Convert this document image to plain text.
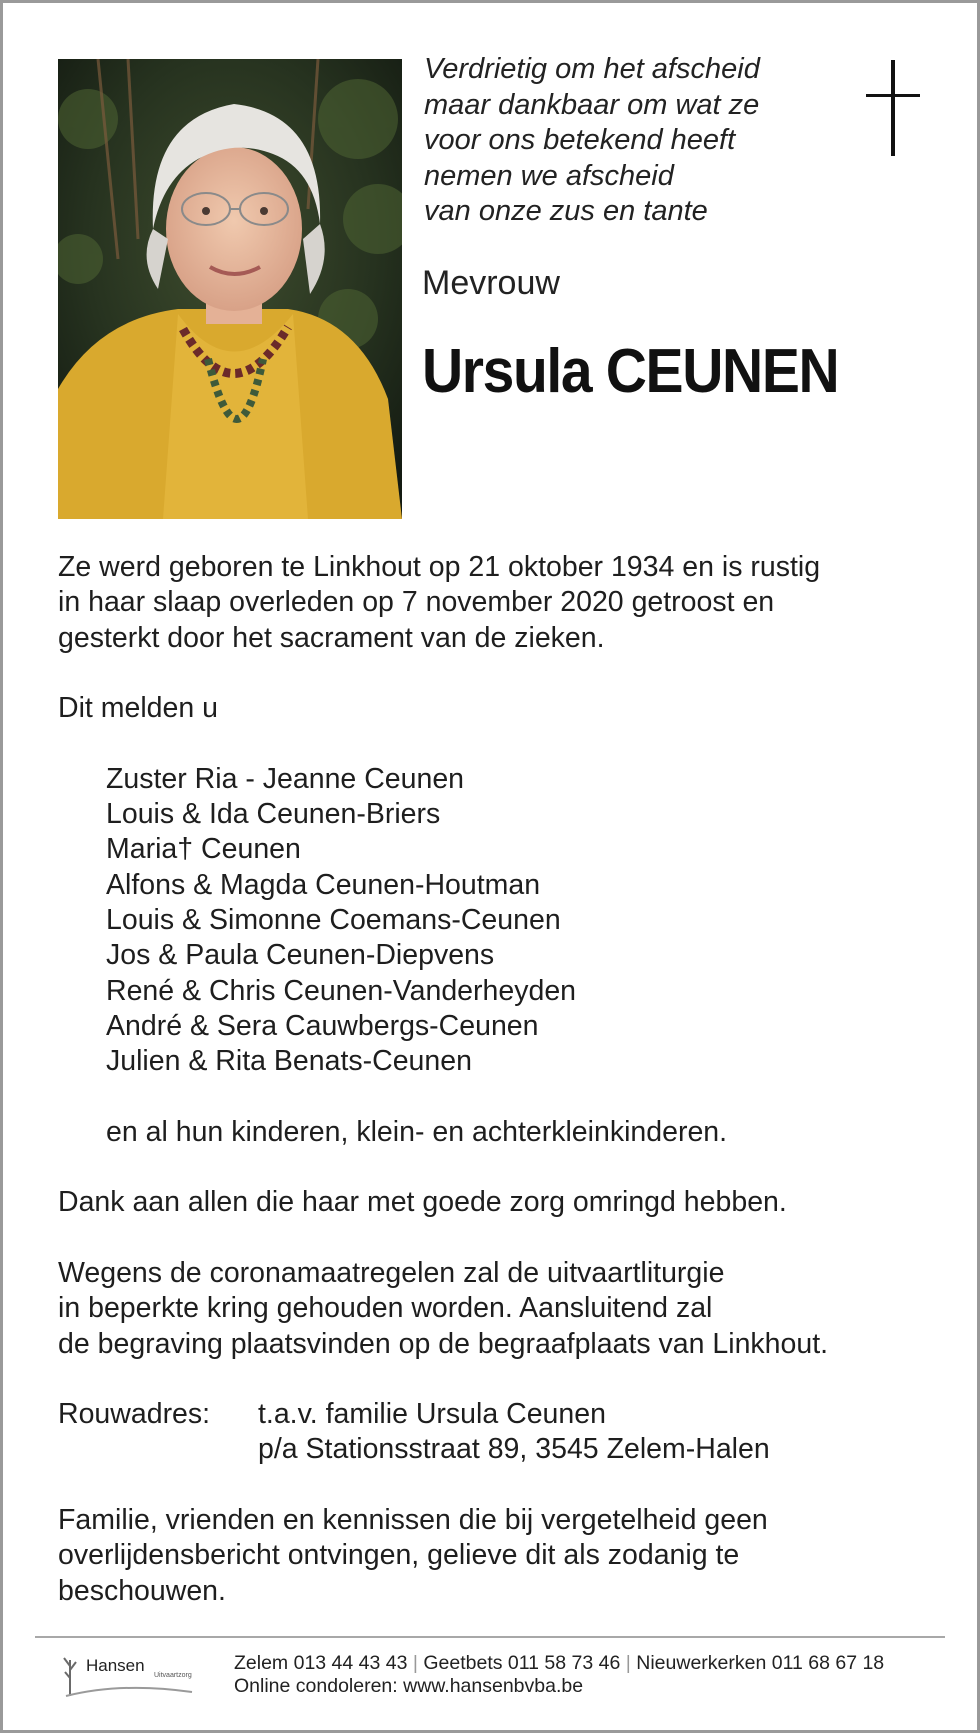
Verdrietig om het afscheid
maar dankbaar om wat ze
voor ons betekend heeft
nemen we afscheid
van onze zus en tante
Mevrouw
Ursula CEUNEN
Ze werd geboren te Linkhout op 21 oktober 1934 en is rustig
in haar slaap overleden op 7 november 2020 getroost en
gesterkt door het sacrament van de zieken.
Dit melden u
Zuster Ria - Jeanne Ceunen
Louis & Ida Ceunen-Briers
Maria† Ceunen
Alfons & Magda Ceunen-Houtman
Louis & Simonne Coemans-Ceunen
Jos & Paula Ceunen-Diepvens
René & Chris Ceunen-Vanderheyden
André & Sera Cauwbergs-Ceunen
Julien & Rita Benats-Ceunen
en al hun kinderen, klein- en achterkleinkinderen.
Dank aan allen die haar met goede zorg omringd hebben.
Wegens de coronamaatregelen zal de uitvaartliturgie
in beperkte kring gehouden worden. Aansluitend zal
de begraving plaatsvinden op de begraafplaats van Linkhout.
Rouwadres:	t.a.v. familie Ursula Ceunen
p/a Stationsstraat 89, 3545 Zelem-Halen
Familie, vrienden en kennissen die bij vergetelheid geen
overlijdensbericht ontvingen, gelieve dit als zodanig te
beschouwen.
Hansen
Uitvaartzorg
Zelem 013 44 43 43 | Geetbets 011 58 73 46 | Nieuwerkerken 011 68 67 18
Online condoleren: www.hansenbvba.be
